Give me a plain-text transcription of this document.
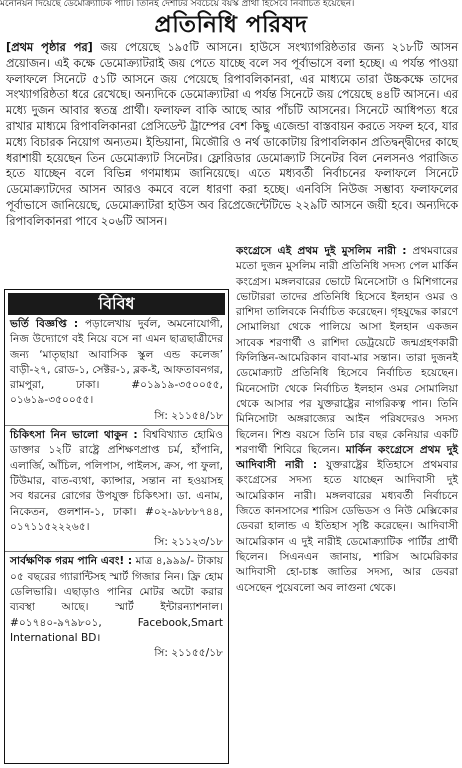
মনোনয়ন দিয়েছে ডেমোক্র্যাটিক পার্টি। তিনিই দেশটির সবচেয়ে বয়স্ক প্রার্থী হিসেবে নির্বাচিত হয়েছেন।
প্রতিনিধি পরিষদ
[প্রথম পৃষ্ঠার পর] জয় পেয়েছে ১৯৫টি আসনে। হাউসে সংখ্যাগরিষ্ঠতার জন্য ২১৮টি আসন প্রয়োজন। এই কক্ষে ডেমোক্র্যাটরাই জয় পেতে যাচ্ছে বলে সব পূর্বাভাসে বলা হচ্ছে। এ পর্যন্ত পাওয়া ফলাফলে সিনেটে ৫১টি আসনে জয় পেয়েছে রিপাবলিকানরা, এর মাধ্যমে তারা উচ্চকক্ষে তাদের সংখ্যাগরিষ্ঠতা ধরে রেখেছে। অন্যদিকে ডেমোক্র্যাটরা এ পর্যন্ত সিনেটে জয় পেয়েছে ৪৪টি আসনে। এর মধ্যে দুজন আবার স্বতন্ত্র প্রার্থী। ফলাফল বাকি আছে আর পাঁচটি আসনের। সিনেটে আধিপত্য ধরে রাখার মাধ্যমে রিপাবলিকানরা প্রেসিডেন্ট ট্রাম্পের বেশ কিছু এজেন্ডা বাস্তবায়ন করতে সফল হবে, যার মধ্যে বিচারক নিয়োগ অন্যতম। ইন্ডিয়ানা, মিজৌরি ও নর্থ ডাকোটায় রিপাবলিকান প্রতিদ্বন্দ্বীদের কাছে ধরাশায়ী হয়েছেন তিন ডেমোক্র্যাট সিনেটর। ফ্লোরিডার ডেমোক্র্যাট সিনেটর বিল নেলসনও পরাজিত হতে যাচ্ছেন বলে বিভিন্ন গণমাধ্যম জানিয়েছে। এতে মধ্যবর্তী নির্বাচনের ফলাফলে সিনেটে ডেমোক্র্যাটদের আসন আরও কমবে বলে ধারণা করা হচ্ছে। এনবিসি নিউজ সম্ভাব্য ফলাফলের পূর্বাভাসে জানিয়েছে, ডেমোক্র্যাটরা হাউস অব রিপ্রেজেন্টেটিভে ২২৯টি আসনে জয়ী হবে। অন্যদিকে রিপাবলিকানরা পাবে ২০৬টি আসন।
বিবিধ
ভর্তি বিজ্ঞপ্তি : পড়ালেখায় দুর্বল, অমনোযোগী, নিজ উদ্যোগে বই নিয়ে বসে না এমন ছাত্রছাত্রীদের জন্য ‘মাতৃছায়া আবাসিক স্কুল এন্ড কলেজ’ বাড়ী-২৭, রোড-১, সেক্টর-১, ব্লক-ই, আফতাবনগর, রামপুরা, ঢাকা। #০১৯১৯-৩৫০০৫৫, ০১৬১৯-৩৫০০৫৫।
সি: ২১১৫৪/১৮
চিকিৎসা নিন ভালো থাকুন : বিশ্ববিখ্যাত হোমিও ডাক্তার ১২টি রাষ্ট্রে প্রশিক্ষণপ্রাপ্ত চর্ম, হাঁপানি, এলার্জি, আঁচিল, পলিপাস, পাইলস, ক্রস, পা ফুলা, টিউমার, বাত-ব্যথা, ক্যান্সার, সন্তান না হওয়াসহ সব ধরনের রোগের উপযুক্ত চিকিৎসা। ডা. এনাম, নিকেতন, গুলশান-১, ঢাকা। #০২-৯৮৮৮৭৪৪, ০১৭১১৫২২২৬৫।
সি: ২১১২৩/১৮
সার্বক্ষণিক গরম পানি এবং! : মাত্র ৪,৯৯৯/- টাকায় ০৫ বছরের গ্যারান্টিসহ স্মার্ট গিজার নিন। ফ্রি হোম ডেলিভারি। এছাড়াও পানির মোটর অটো করার ব্যবস্থা আছে। স্মার্ট ইন্টারন্যাশনাল। #০১৭৪০-৯৭৯৮০১, Facebook,Smart International BD।
সি: ২১১৫৫/১৮
কংগ্রেসে এই প্রথম দুই মুসলিম নারী : প্রথমবারের মতো দুজন মুসলিম নারী প্রতিনিধি সদস্য পেল মার্কিন কংগ্রেস। মঙ্গলবারের ভোটে মিনেসোটা ও মিশিগানের ভোটাররা তাদের প্রতিনিধি হিসেবে ইলহান ওমর ও রাশিদা তালিবকে নির্বাচিত করেছেন। গৃহযুদ্ধের কারণে সোমালিয়া থেকে পালিয়ে আসা ইলহান একজন সাবেক শরণার্থী ও রাশিদা ডেট্রয়েটে জন্মগ্রহণকারী ফিলিস্তিন-আমেরিকান বাবা-মার সন্তান। তারা দুজনই ডেমোক্র্যাট প্রতিনিধি হিসেবে নির্বাচিত হয়েছেন। মিনেসোটা থেকে নির্বাচিত ইলহান ওমর সোমালিয়া থেকে আসার পর যুক্তরাষ্ট্রের নাগরিকত্ব পান। তিনি মিনিসোটা অঙ্গরাজ্যের আইন পরিষদেরও সদস্য ছিলেন। শিশু বয়সে তিনি চার বছর কেনিয়ার একটি শরণার্থী শিবিরে ছিলেন। মার্কিন কংগ্রেসে প্রথম দুই আদিবাসী নারী : যুক্তরাষ্ট্রের ইতিহাসে প্রথমবার কংগ্রেসের সদস্য হতে যাচ্ছেন আদিবাসী দুই আমেরিকান নারী। মঙ্গলবারের মধ্যবর্তী নির্বাচনে জিতে কানসাসের শারিস ডেভিডস ও নিউ মেক্সিকোর ডেবরা হালান্ড এ ইতিহাস সৃষ্টি করেছেন। আদিবাসী আমেরিকান এ দুই নারীই ডেমোক্র্যাটিক পার্টির প্রার্থী ছিলেন। সিএনএন জানায়, শারিস আমেরিকার আদিবাসী হো-চাঙ্ক জাতির সদস্য, আর ডেবরা এসেছেন পুয়েবলো অব লাগুনা থেকে।
